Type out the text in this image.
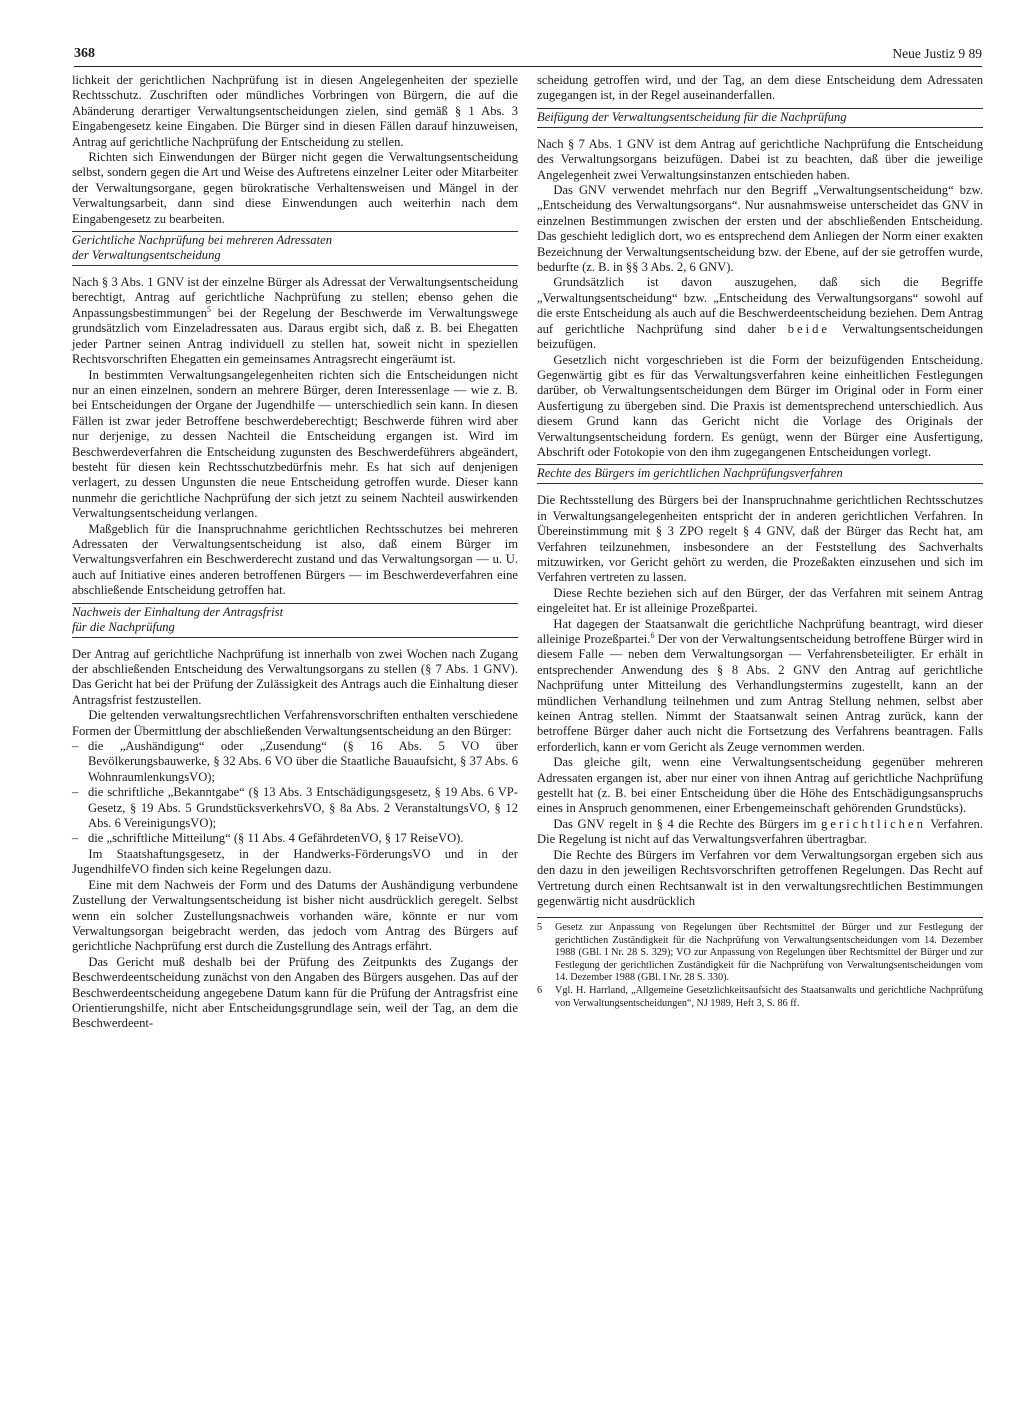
368	Neue Justiz 9 89

lichkeit der gerichtlichen Nachprüfung ist in diesen Angelegenheiten der spezielle Rechtsschutz. Zuschriften oder mündliches Vorbringen von Bürgern, die auf die Abänderung derartiger Verwaltungsentscheidungen zielen, sind gemäß § 1 Abs. 3 Eingabengesetz keine Eingaben. Die Bürger sind in diesen Fällen darauf hinzuweisen, Antrag auf gerichtliche Nachprüfung der Entscheidung zu stellen.

Richten sich Einwendungen der Bürger nicht gegen die Verwaltungsentscheidung selbst, sondern gegen die Art und Weise des Auftretens einzelner Leiter oder Mitarbeiter der Verwaltungsorgane, gegen bürokratische Verhaltensweisen und Mängel in der Verwaltungsarbeit, dann sind diese Einwendungen auch weiterhin nach dem Eingabengesetz zu bearbeiten.

Gerichtliche Nachprüfung bei mehreren Adressaten
der Verwaltungsentscheidung

Nach § 3 Abs. 1 GNV ist der einzelne Bürger als Adressat der Verwaltungsentscheidung berechtigt, Antrag auf gerichtliche Nachprüfung zu stellen; ebenso gehen die Anpassungsbestimmungen$^5$ bei der Regelung der Beschwerde im Verwaltungswege grundsätzlich vom Einzeladressaten aus. Daraus ergibt sich, daß z. B. bei Ehegatten jeder Partner seinen Antrag individuell zu stellen hat, soweit nicht in speziellen Rechtsvorschriften Ehegatten ein gemeinsames Antragsrecht eingeräumt ist.

In bestimmten Verwaltungsangelegenheiten richten sich die Entscheidungen nicht nur an einen einzelnen, sondern an mehrere Bürger, deren Interessenlage — wie z. B. bei Entscheidungen der Organe der Jugendhilfe — unterschiedlich sein kann. In diesen Fällen ist zwar jeder Betroffene beschwerdeberechtigt; Beschwerde führen wird aber nur derjenige, zu dessen Nachteil die Entscheidung ergangen ist. Wird im Beschwerdeverfahren die Entscheidung zugunsten des Beschwerdeführers abgeändert, besteht für diesen kein Rechtsschutzbedürfnis mehr. Es hat sich auf denjenigen verlagert, zu dessen Ungunsten die neue Entscheidung getroffen wurde. Dieser kann nunmehr die gerichtliche Nachprüfung der sich jetzt zu seinem Nachteil auswirkenden Verwaltungsentscheidung verlangen.

Maßgeblich für die Inanspruchnahme gerichtlichen Rechtsschutzes bei mehreren Adressaten der Verwaltungsentscheidung ist also, daß einem Bürger im Verwaltungsverfahren ein Beschwerderecht zustand und das Verwaltungsorgan — u. U. auch auf Initiative eines anderen betroffenen Bürgers — im Beschwerdeverfahren eine abschließende Entscheidung getroffen hat.

Nachweis der Einhaltung der Antragsfrist
für die Nachprüfung

Der Antrag auf gerichtliche Nachprüfung ist innerhalb von zwei Wochen nach Zugang der abschließenden Entscheidung des Verwaltungsorgans zu stellen (§ 7 Abs. 1 GNV). Das Gericht hat bei der Prüfung der Zulässigkeit des Antrags auch die Einhaltung dieser Antragsfrist festzustellen.

Die geltenden verwaltungsrechtlichen Verfahrensvorschriften enthalten verschiedene Formen der Übermittlung der abschließenden Verwaltungsentscheidung an den Bürger:

– die „Aushändigung“ oder „Zusendung“ (§ 16 Abs. 5 VO über Bevölkerungsbauwerke, § 32 Abs. 6 VO über die Staatliche Bauaufsicht, § 37 Abs. 6 WohnraumlenkungsVO);
– die schriftliche „Bekanntgabe“ (§ 13 Abs. 3 Entschädigungsgesetz, § 19 Abs. 6 VP-Gesetz, § 19 Abs. 5 GrundstücksverkehrsVO, § 8a Abs. 2 VeranstaltungsVO, § 12 Abs. 6 VereinigungsVO);
– die „schriftliche Mitteilung“ (§ 11 Abs. 4 GefährdetenVO, § 17 ReiseVO).

Im Staatshaftungsgesetz, in der Handwerks-FörderungsVO und in der JugendhilfeVO finden sich keine Regelungen dazu.

Eine mit dem Nachweis der Form und des Datums der Aushändigung verbundene Zustellung der Verwaltungsentscheidung ist bisher nicht ausdrücklich geregelt. Selbst wenn ein solcher Zustellungsnachweis vorhanden wäre, könnte er nur vom Verwaltungsorgan beigebracht werden, das jedoch vom Antrag des Bürgers auf gerichtliche Nachprüfung erst durch die Zustellung des Antrags erfährt.

Das Gericht muß deshalb bei der Prüfung des Zeitpunkts des Zugangs der Beschwerdeentscheidung zunächst von den Angaben des Bürgers ausgehen. Das auf der Beschwerdeentscheidung angegebene Datum kann für die Prüfung der Antragsfrist eine Orientierungshilfe, nicht aber Entscheidungsgrundlage sein, weil der Tag, an dem die Beschwerdeent-

scheidung getroffen wird, und der Tag, an dem diese Entscheidung dem Adressaten zugegangen ist, in der Regel auseinanderfallen.

Beifügung der Verwaltungsentscheidung für die Nachprüfung

Nach § 7 Abs. 1 GNV ist dem Antrag auf gerichtliche Nachprüfung die Entscheidung des Verwaltungsorgans beizufügen. Dabei ist zu beachten, daß über die jeweilige Angelegenheit zwei Verwaltungsinstanzen entschieden haben.

Das GNV verwendet mehrfach nur den Begriff „Verwaltungsentscheidung“ bzw. „Entscheidung des Verwaltungsorgans“. Nur ausnahmsweise unterscheidet das GNV in einzelnen Bestimmungen zwischen der ersten und der abschließenden Entscheidung. Das geschieht lediglich dort, wo es entsprechend dem Anliegen der Norm einer exakten Bezeichnung der Verwaltungsentscheidung bzw. der Ebene, auf der sie getroffen wurde, bedurfte (z. B. in §§ 3 Abs. 2, 6 GNV).

Grundsätzlich ist davon auszugehen, daß sich die Begriffe „Verwaltungsentscheidung“ bzw. „Entscheidung des Verwaltungsorgans“ sowohl auf die erste Entscheidung als auch auf die Beschwerdeentscheidung beziehen. Dem Antrag auf gerichtliche Nachprüfung sind daher beide Verwaltungsentscheidungen beizufügen.

Gesetzlich nicht vorgeschrieben ist die Form der beizufügenden Entscheidung. Gegenwärtig gibt es für das Verwaltungsverfahren keine einheitlichen Festlegungen darüber, ob Verwaltungsentscheidungen dem Bürger im Original oder in Form einer Ausfertigung zu übergeben sind. Die Praxis ist dementsprechend unterschiedlich. Aus diesem Grund kann das Gericht nicht die Vorlage des Originals der Verwaltungsentscheidung fordern. Es genügt, wenn der Bürger eine Ausfertigung, Abschrift oder Fotokopie von den ihm zugegangenen Entscheidungen vorlegt.

Rechte des Bürgers im gerichtlichen Nachprüfungsverfahren

Die Rechtsstellung des Bürgers bei der Inanspruchnahme gerichtlichen Rechtsschutzes in Verwaltungsangelegenheiten entspricht der in anderen gerichtlichen Verfahren. In Übereinstimmung mit § 3 ZPO regelt § 4 GNV, daß der Bürger das Recht hat, am Verfahren teilzunehmen, insbesondere an der Feststellung des Sachverhalts mitzuwirken, vor Gericht gehört zu werden, die Prozeßakten einzusehen und sich im Verfahren vertreten zu lassen.

Diese Rechte beziehen sich auf den Bürger, der das Verfahren mit seinem Antrag eingeleitet hat. Er ist alleinige Prozeßpartei.

Hat dagegen der Staatsanwalt die gerichtliche Nachprüfung beantragt, wird dieser alleinige Prozeßpartei.$^6$ Der von der Verwaltungsentscheidung betroffene Bürger wird in diesem Falle — neben dem Verwaltungsorgan — Verfahrensbeteiligter. Er erhält in entsprechender Anwendung des § 8 Abs. 2 GNV den Antrag auf gerichtliche Nachprüfung unter Mitteilung des Verhandlungstermins zugestellt, kann an der mündlichen Verhandlung teilnehmen und zum Antrag Stellung nehmen, selbst aber keinen Antrag stellen. Nimmt der Staatsanwalt seinen Antrag zurück, kann der betroffene Bürger daher auch nicht die Fortsetzung des Verfahrens beantragen. Falls erforderlich, kann er vom Gericht als Zeuge vernommen werden.

Das gleiche gilt, wenn eine Verwaltungsentscheidung gegenüber mehreren Adressaten ergangen ist, aber nur einer von ihnen Antrag auf gerichtliche Nachprüfung gestellt hat (z. B. bei einer Entscheidung über die Höhe des Entschädigungsanspruchs eines in Anspruch genommenen, einer Erbengemeinschaft gehörenden Grundstücks).

Das GNV regelt in § 4 die Rechte des Bürgers im gerichtlichen Verfahren. Die Regelung ist nicht auf das Verwaltungsverfahren übertragbar.

Die Rechte des Bürgers im Verfahren vor dem Verwaltungsorgan ergeben sich aus den dazu in den jeweiligen Rechtsvorschriften getroffenen Regelungen. Das Recht auf Vertretung durch einen Rechtsanwalt ist in den verwaltungsrechtlichen Bestimmungen gegenwärtig nicht ausdrücklich

5 Gesetz zur Anpassung von Regelungen über Rechtsmittel der Bürger und zur Festlegung der gerichtlichen Zuständigkeit für die Nachprüfung von Verwaltungsentscheidungen vom 14. Dezember 1988 (GBl. I Nr. 28 S. 329); VO zur Anpassung von Regelungen über Rechtsmittel der Bürger und zur Festlegung der gerichtlichen Zuständigkeit für die Nachprüfung von Verwaltungsentscheidungen vom 14. Dezember 1988 (GBl. I Nr. 28 S. 330).
6 Vgl. H. Harrland, „Allgemeine Gesetzlichkeitsaufsicht des Staatsanwalts und gerichtliche Nachprüfung von Verwaltungsentscheidungen“, NJ 1989, Heft 3, S. 86 ff.
